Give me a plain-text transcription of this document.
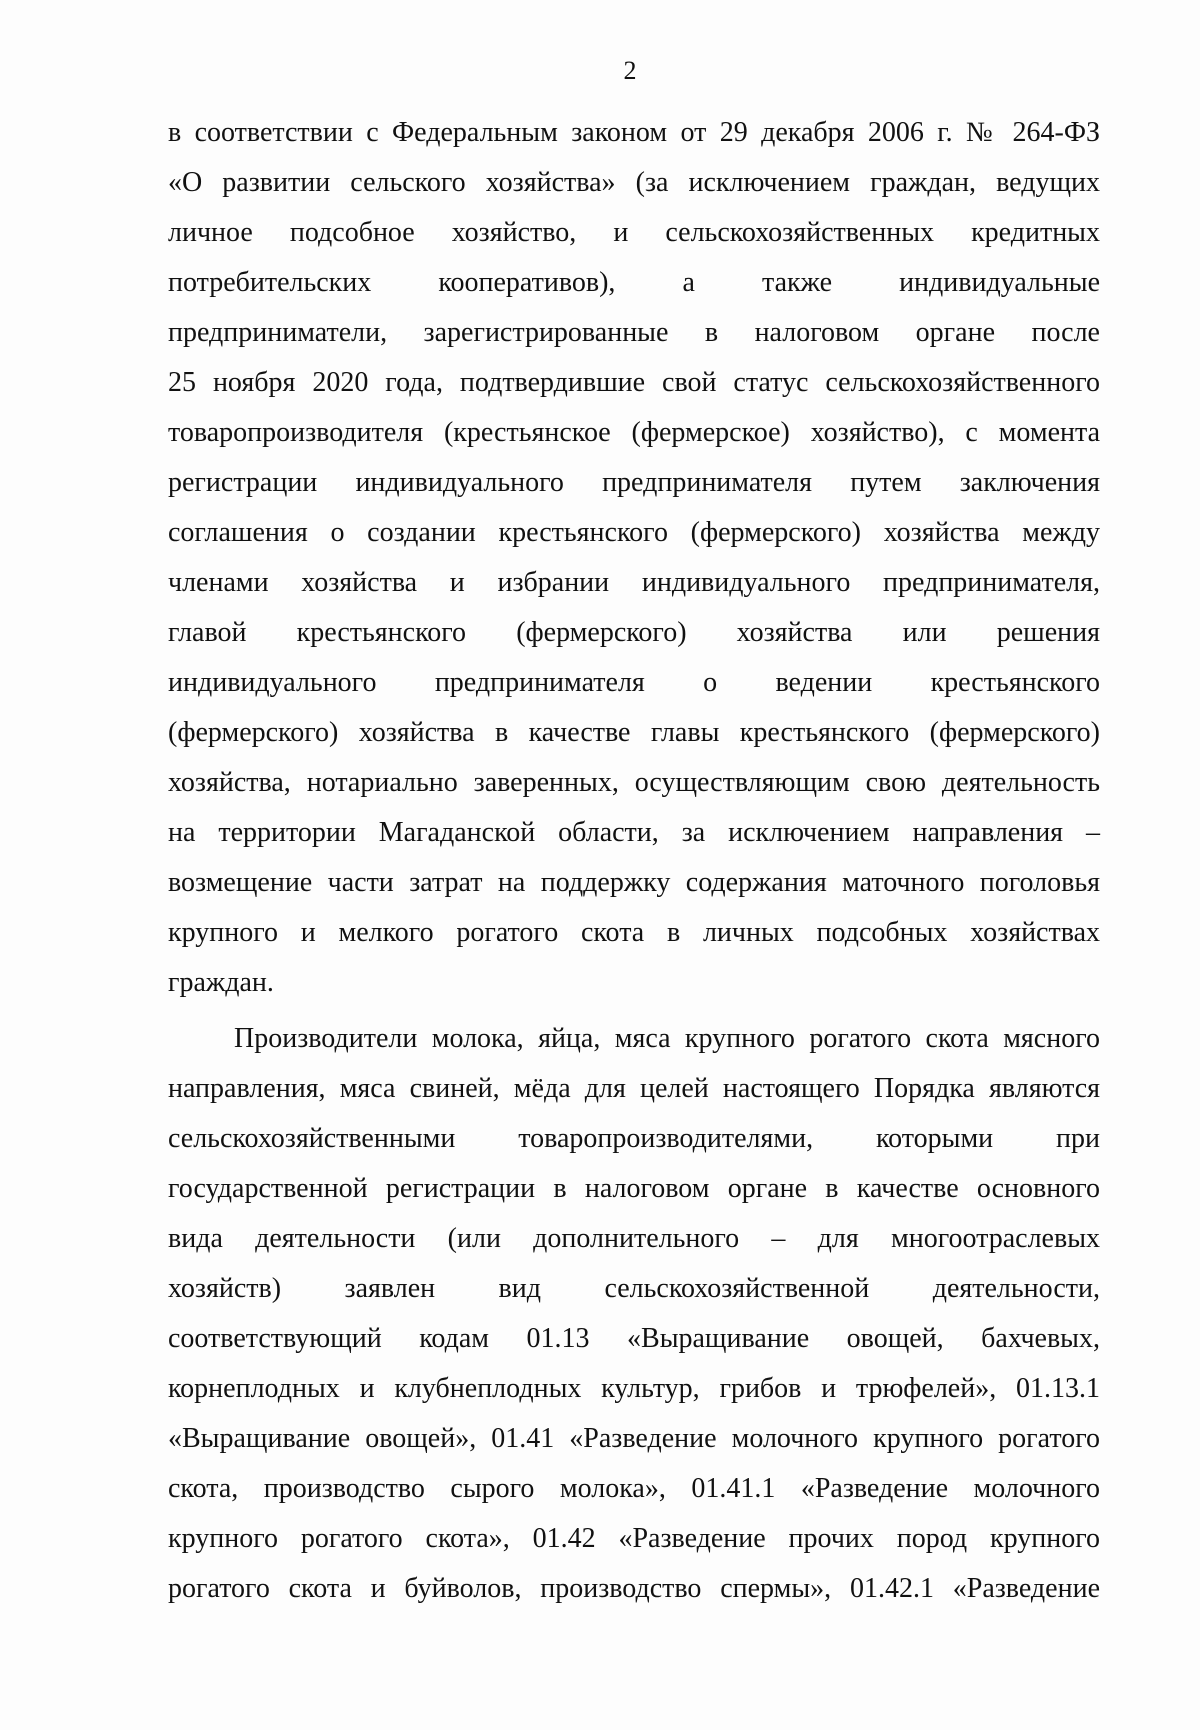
2
в соответствии с Федеральным законом от 29 декабря 2006 г. № 264-ФЗ
«О развитии сельского хозяйства» (за исключением граждан, ведущих
личное подсобное хозяйство, и сельскохозяйственных кредитных
потребительских кооперативов), а также индивидуальные
предприниматели, зарегистрированные в налоговом органе после
25 ноября 2020 года, подтвердившие свой статус сельскохозяйственного
товаропроизводителя (крестьянское (фермерское) хозяйство), с момента
регистрации индивидуального предпринимателя путем заключения
соглашения о создании крестьянского (фермерского) хозяйства между
членами хозяйства и избрании индивидуального предпринимателя,
главой крестьянского (фермерского) хозяйства или решения
индивидуального предпринимателя о ведении крестьянского
(фермерского) хозяйства в качестве главы крестьянского (фермерского)
хозяйства, нотариально заверенных, осуществляющим свою деятельность
на территории Магаданской области, за исключением направления –
возмещение части затрат на поддержку содержания маточного поголовья
крупного и мелкого рогатого скота в личных подсобных хозяйствах
граждан.
Производители молока, яйца, мяса крупного рогатого скота мясного
направления, мяса свиней, мёда для целей настоящего Порядка являются
сельскохозяйственными товаропроизводителями, которыми при
государственной регистрации в налоговом органе в качестве основного
вида деятельности (или дополнительного – для многоотраслевых
хозяйств) заявлен вид сельскохозяйственной деятельности,
соответствующий кодам 01.13 «Выращивание овощей, бахчевых,
корнеплодных и клубнеплодных культур, грибов и трюфелей», 01.13.1
«Выращивание овощей», 01.41 «Разведение молочного крупного рогатого
скота, производство сырого молока», 01.41.1 «Разведение молочного
крупного рогатого скота», 01.42 «Разведение прочих пород крупного
рогатого скота и буйволов, производство спермы», 01.42.1 «Разведение
